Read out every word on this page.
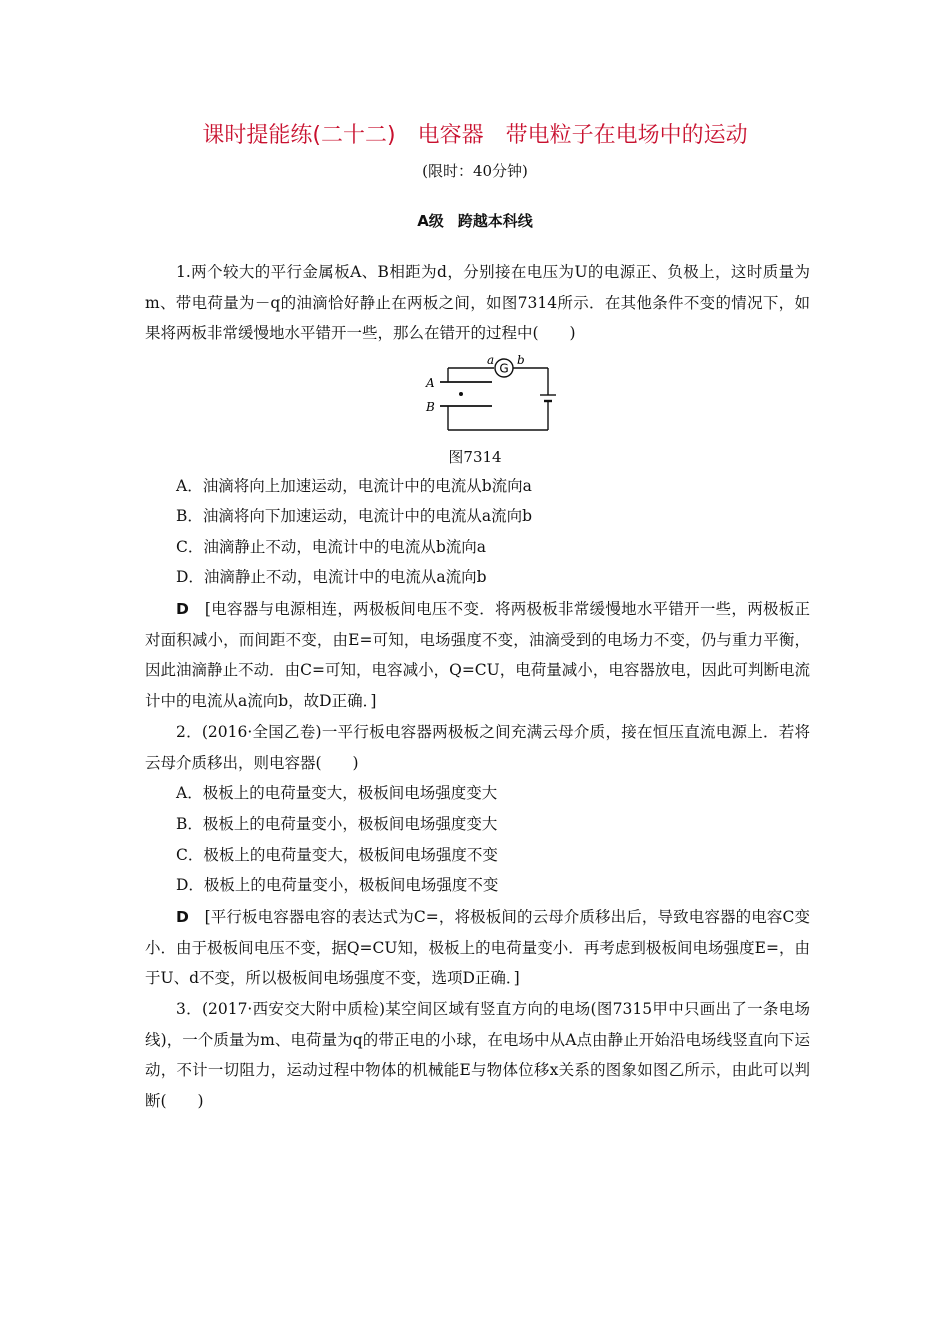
课时提能练(二十二) 电容器 带电粒子在电场中的运动
(限时：40分钟)
A级 跨越本科线

1.两个较大的平行金属板A、B相距为d，分别接在电压为U的电源正、负极上，这时质量为m、带电荷量为－q的油滴恰好静止在两板之间，如图7314所示．在其他条件不变的情况下，如果将两板非常缓慢地水平错开一些，那么在错开的过程中(　　)

G
a b
A
B
图7314
A．油滴将向上加速运动，电流计中的电流从b流向a
B．油滴将向下加速运动，电流计中的电流从a流向b
C．油滴静止不动，电流计中的电流从b流向a
D．油滴静止不动，电流计中的电流从a流向b

D　[电容器与电源相连，两极板间电压不变．将两极板非常缓慢地水平错开一些，两极板正对面积减小，而间距不变，由E=可知，电场强度不变，油滴受到的电场力不变，仍与重力平衡，因此油滴静止不动．由C=可知，电容减小，Q=CU，电荷量减小，电容器放电，因此可判断电流计中的电流从a流向b，故D正确．]

2．(2016·全国乙卷)一平行板电容器两极板之间充满云母介质，接在恒压直流电源上．若将云母介质移出，则电容器(　　)

A．极板上的电荷量变大，极板间电场强度变大
B．极板上的电荷量变小，极板间电场强度变大
C．极板上的电荷量变大，极板间电场强度不变
D．极板上的电荷量变小，极板间电场强度不变

D　[平行板电容器电容的表达式为C=，将极板间的云母介质移出后，导致电容器的电容C变小．由于极板间电压不变，据Q=CU知，极板上的电荷量变小．再考虑到极板间电场强度E=，由于U、d不变，所以极板间电场强度不变，选项D正确．]

3．(2017·西安交大附中质检)某空间区域有竖直方向的电场(图7315甲中只画出了一条电场线)，一个质量为m、电荷量为q的带正电的小球，在电场中从A点由静止开始沿电场线竖直向下运动，不计一切阻力，运动过程中物体的机械能E与物体位移x关系的图象如图乙所示，由此可以判断(　　)
